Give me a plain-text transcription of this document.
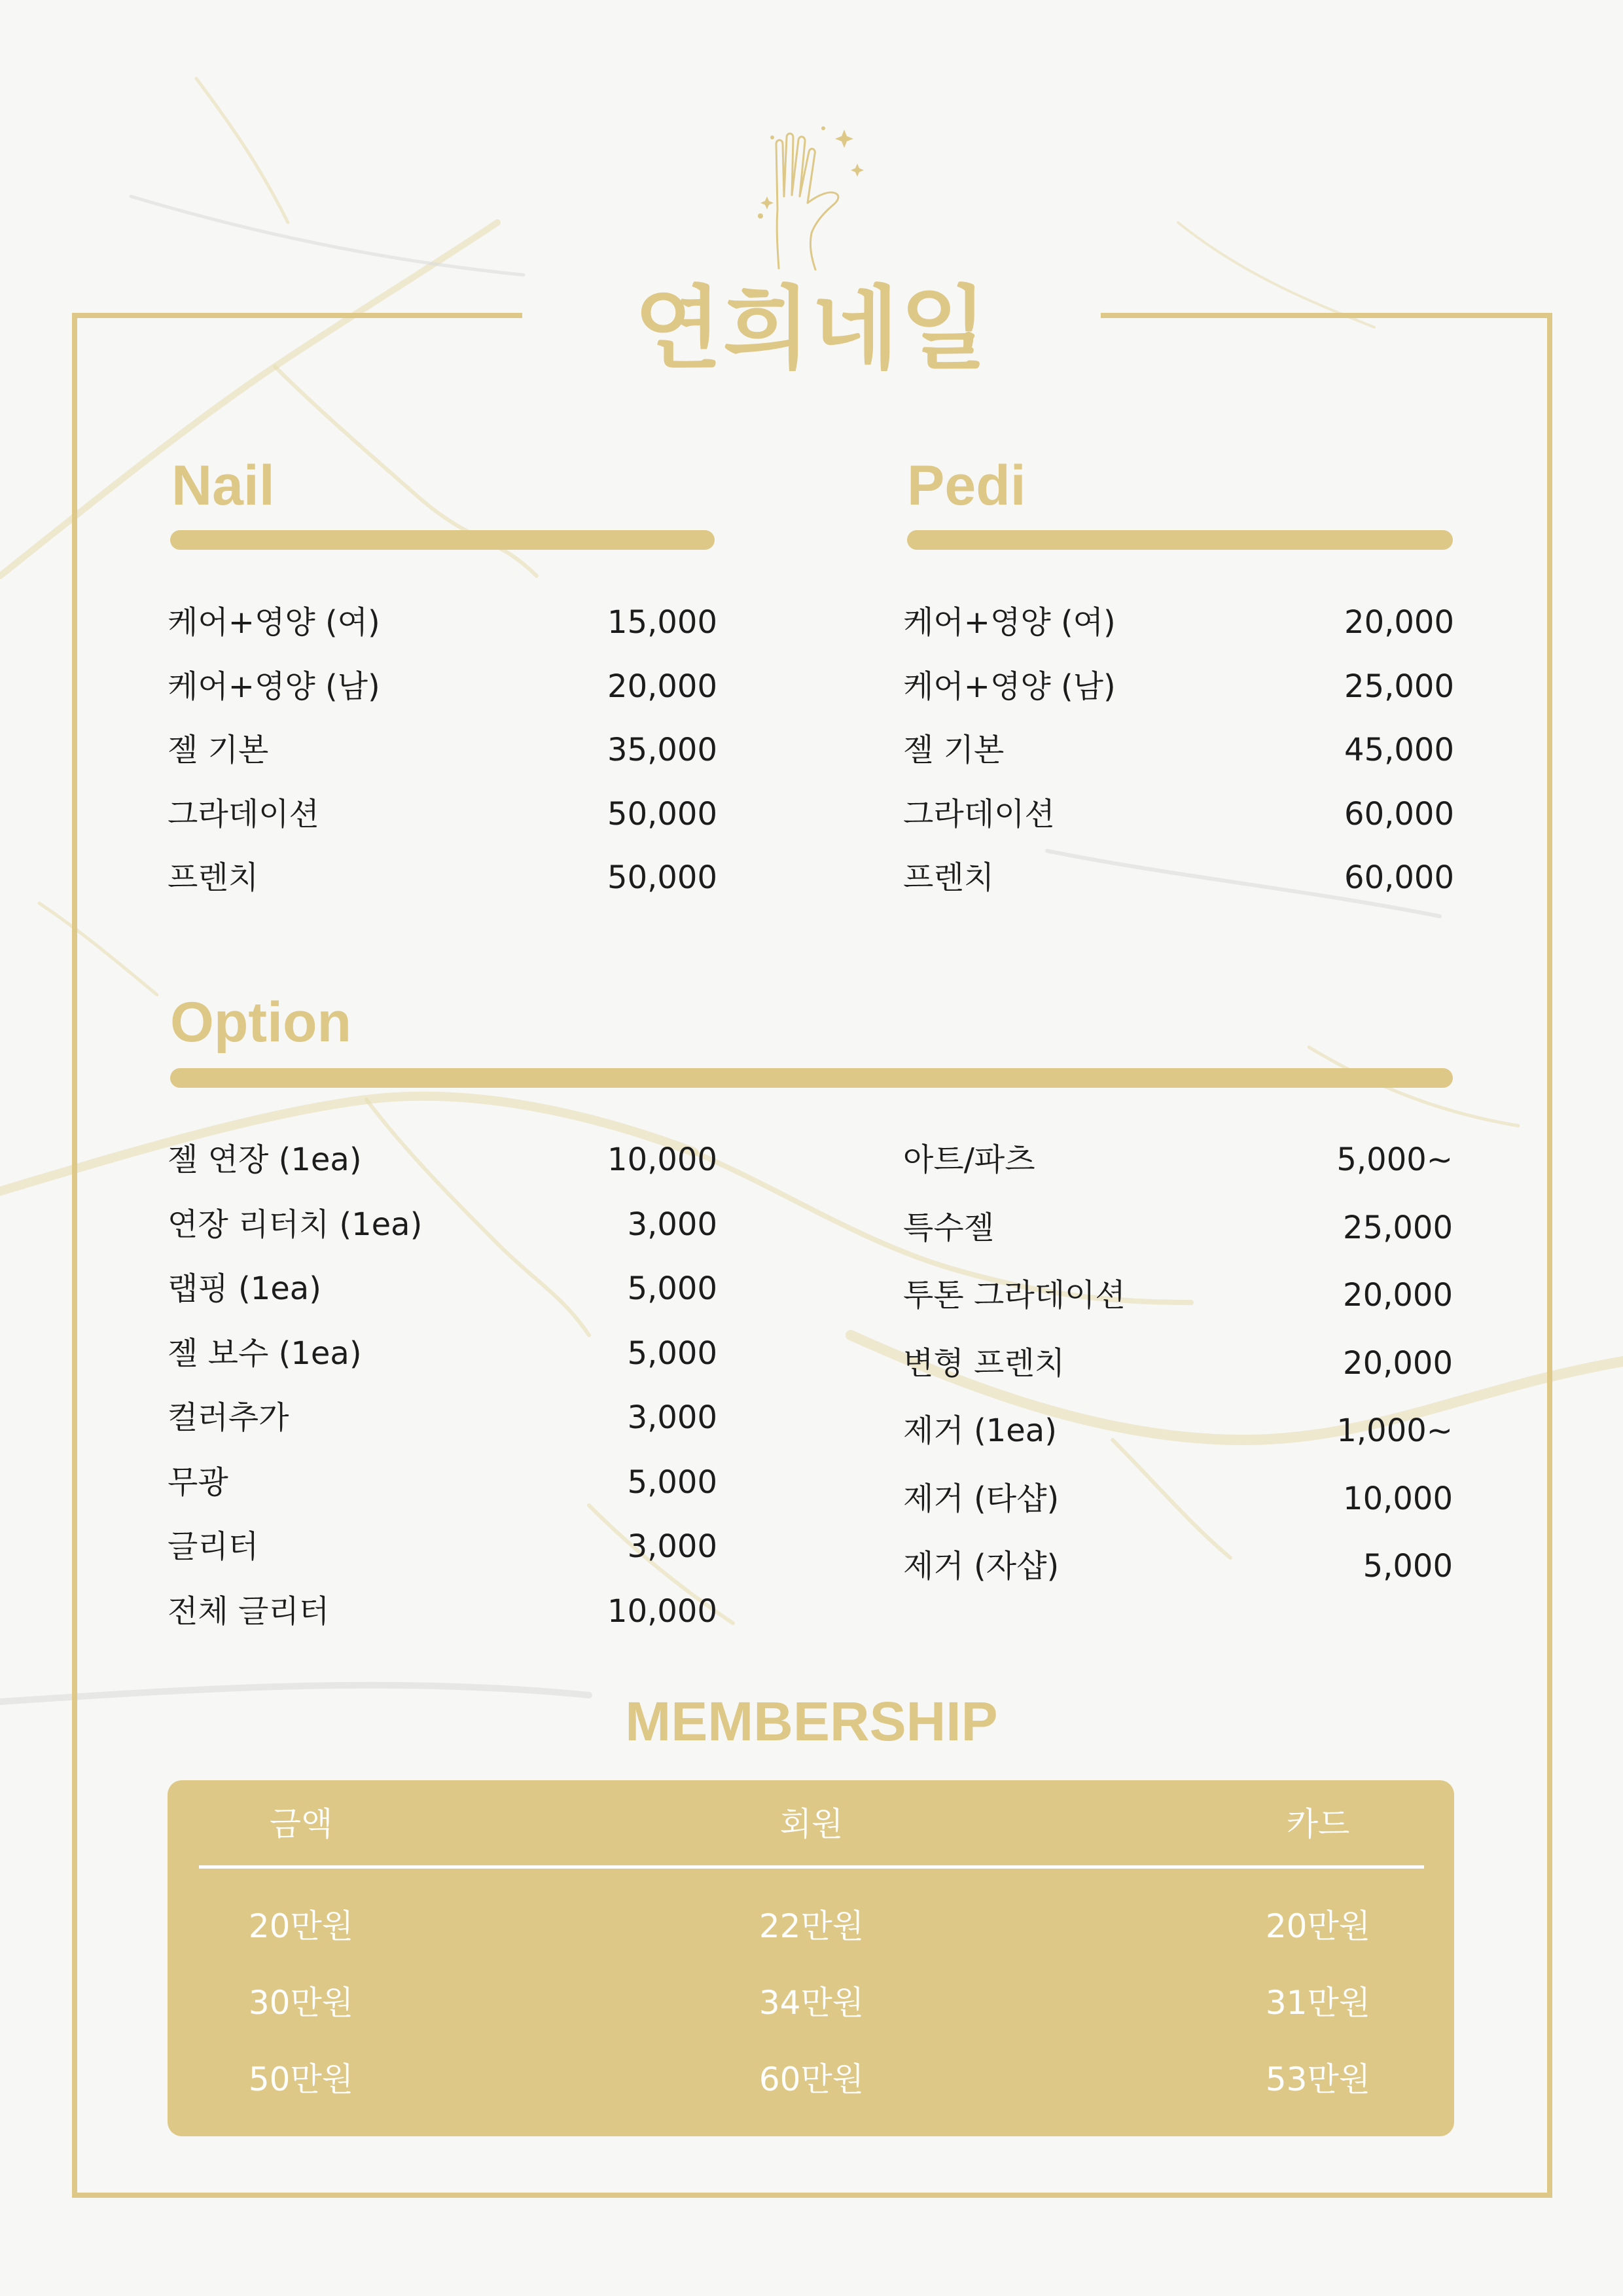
연희네일
Nail
케어+영양 (여)	15,000
케어+영양 (남)	20,000
젤 기본	35,000
그라데이션	50,000
프렌치	50,000
Pedi
케어+영양 (여)	20,000
케어+영양 (남)	25,000
젤 기본	45,000
그라데이션	60,000
프렌치	60,000
Option
젤 연장 (1ea)	10,000
연장 리터치 (1ea)	3,000
랩핑 (1ea)	5,000
젤 보수 (1ea)	5,000
컬러추가	3,000
무광	5,000
글리터	3,000
전체 글리터	10,000
아트/파츠	5,000~
특수젤	25,000
투톤 그라데이션	20,000
변형 프렌치	20,000
제거 (1ea)	1,000~
제거 (타샵)	10,000
제거 (자샵)	5,000
MEMBERSHIP
금액	회원	카드
20만원	22만원	20만원
30만원	34만원	31만원
50만원	60만원	53만원
